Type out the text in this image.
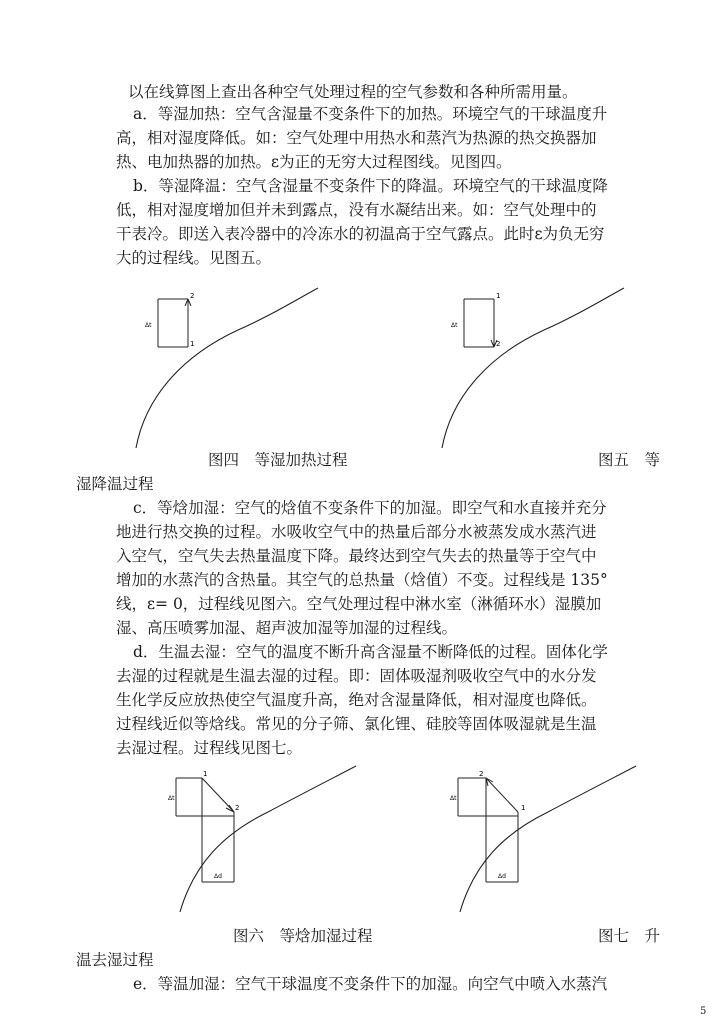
以在线算图上查出各种空气处理过程的空气参数和各种所需用量。
a．等湿加热：空气含湿量不变条件下的加热。环境空气的干球温度升
高，相对湿度降低。如：空气处理中用热水和蒸汽为热源的热交换器加
热、电加热器的加热。ε为正的无穷大过程图线。见图四。
b．等湿降温：空气含湿量不变条件下的降温。环境空气的干球温度降
低，相对湿度增加但并未到露点，没有水凝结出来。如：空气处理中的
干表冷。即送入表冷器中的冷冻水的初温高于空气露点。此时ε为负无穷
大的过程线。见图五。
2
1
Δt
1
2
Δt
图四　等湿加热过程	图五　等
湿降温过程
c．等焓加湿：空气的焓值不变条件下的加湿。即空气和水直接并充分
地进行热交换的过程。水吸收空气中的热量后部分水被蒸发成水蒸汽进
入空气，空气失去热量温度下降。最终达到空气失去的热量等于空气中
增加的水蒸汽的含热量。其空气的总热量（焓值）不变。过程线是 135°
线，ε= 0，过程线见图六。空气处理过程中淋水室（淋循环水）湿膜加
湿、高压喷雾加湿、超声波加湿等加湿的过程线。
d．生温去湿：空气的温度不断升高含湿量不断降低的过程。固体化学
去湿的过程就是生温去湿的过程。即：固体吸湿剂吸收空气中的水分发
生化学反应放热使空气温度升高，绝对含湿量降低，相对湿度也降低。
过程线近似等焓线。常见的分子筛、氯化锂、硅胶等固体吸湿就是生温
去湿过程。过程线见图七。
1
2
Δt
Δd
2
1
Δt
Δd
图六　等焓加湿过程	图七　升
温去湿过程
e．等温加湿：空气干球温度不变条件下的加湿。向空气中喷入水蒸汽
5
